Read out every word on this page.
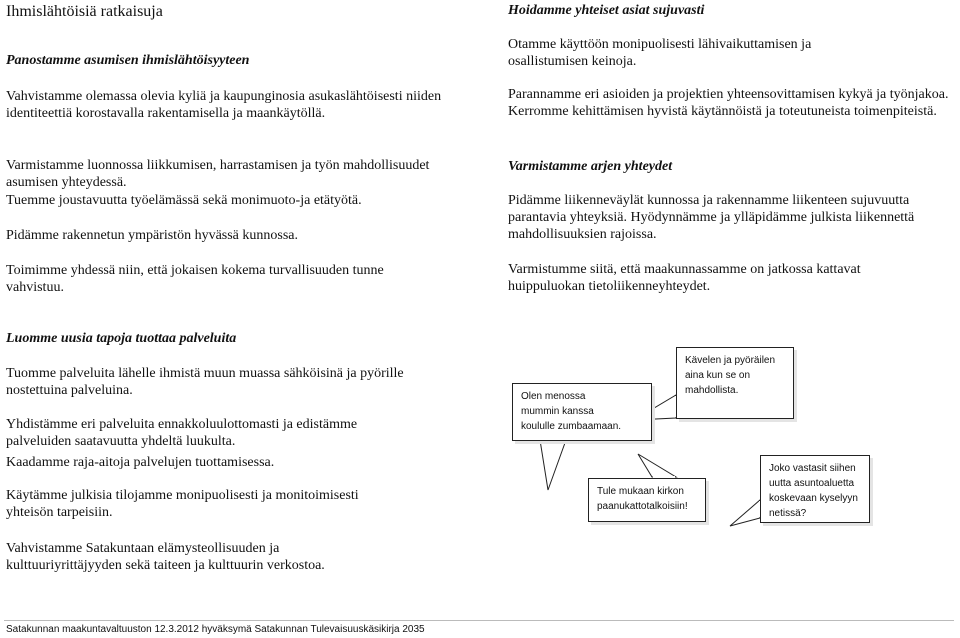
Ihmislähtöisiä ratkaisuja
Panostamme asumisen ihmislähtöisyyteen

Vahvistamme olemassa olevia kyliä ja kaupunginosia asukaslähtöisesti niiden identiteettiä korostavalla rakentamisella ja maankäytöllä.

Varmistamme luonnossa liikkumisen, harrastamisen ja työn mahdollisuudet asumisen yhteydessä.

Tuemme joustavuutta työelämässä sekä monimuoto-ja etätyötä.

Pidämme rakennetun ympäristön hyvässä kunnossa.

Toimimme yhdessä niin, että jokaisen kokema turvallisuuden tunne vahvistuu.

Hoidamme yhteiset asiat sujuvasti

Otamme käyttöön monipuolisesti lähivaikuttamisen ja osallistumisen keinoja.

Parannamme eri asioiden ja projektien yhteensovittamisen kykyä ja työnjakoa. Kerromme kehittämisen hyvistä käytännöistä ja toteutuneista toimenpiteistä.

Varmistamme arjen yhteydet

Pidämme liikenneväylät kunnossa ja rakennamme liikenteen sujuvuutta parantavia yhteyksiä. Hyödynnämme ja ylläpidämme julkista liikennettä mahdollisuuksien rajoissa.

Varmistumme siitä, että maakunnassamme on jatkossa kattavat huippuluokan tietoliikenneyhteydet.

Luomme uusia tapoja tuottaa palveluita

Tuomme palveluita lähelle ihmistä muun muassa sähköisinä ja pyörille nostettuina palveluina.

Yhdistämme eri palveluita ennakkoluulottomasti ja edistämme palveluiden saatavuutta yhdeltä luukulta.

Kaadamme raja-aitoja palvelujen tuottamisessa.

Käytämme julkisia tilojamme monipuolisesti ja monitoimisesti yhteisön tarpeisiin.

Vahvistamme Satakuntaan elämysteollisuuden ja kulttuuriyrittäjyyden sekä taiteen ja kulttuurin verkostoa.

Olen menossa
mummin kanssa
koululle zumbaamaan.
Kävelen ja pyöräilen
aina kun se on
mahdollista.
Tule mukaan kirkon
paanukattotalkoisiin!
Joko vastasit siihen
uutta asuntoaluetta
koskevaan kyselyyn
netissä?
Satakunnan maakuntavaltuuston 12.3.2012 hyväksymä Satakunnan Tulevaisuuskäsikirja 2035
